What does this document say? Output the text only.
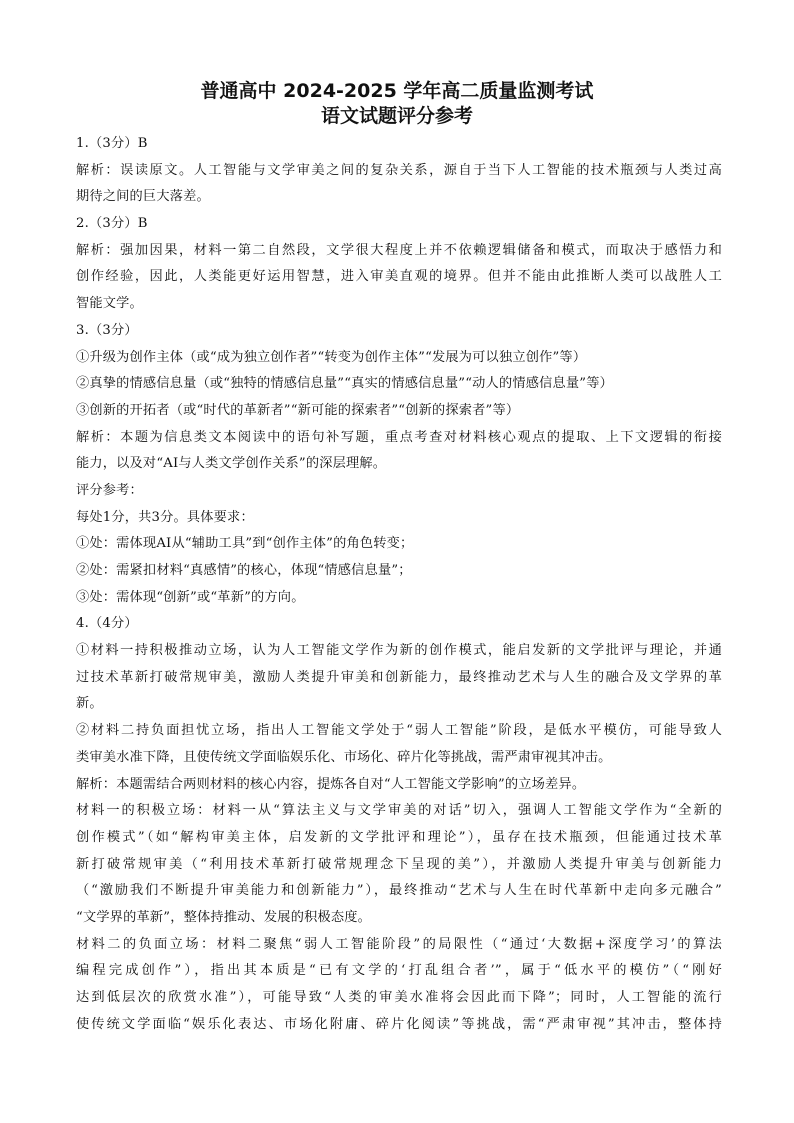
普通高中 2024-2025 学年高二质量监测考试
语文试题评分参考
1.（3分）B
解析：误读原文。人工智能与文学审美之间的复杂关系，源自于当下人工智能的技术瓶颈与人类过高
期待之间的巨大落差。
2.（3分）B
解析：强加因果，材料一第二自然段，文学很大程度上并不依赖逻辑储备和模式，而取决于感悟力和
创作经验，因此，人类能更好运用智慧，进入审美直观的境界。但并不能由此推断人类可以战胜人工
智能文学。
3.（3分）
①升级为创作主体（或“成为独立创作者”“转变为创作主体”“发展为可以独立创作”等）
②真挚的情感信息量（或“独特的情感信息量”“真实的情感信息量”“动人的情感信息量”等）
③创新的开拓者（或“时代的革新者”“新可能的探索者”“创新的探索者”等）
解析：本题为信息类文本阅读中的语句补写题，重点考查对材料核心观点的提取、上下文逻辑的衔接
能力，以及对“AI与人类文学创作关系”的深层理解。
评分参考：
每处1分，共3分。具体要求：
①处：需体现AI从“辅助工具”到“创作主体”的角色转变；
②处：需紧扣材料“真感情”的核心，体现“情感信息量”；
③处：需体现“创新”或“革新”的方向。
4.（4分）
①材料一持积极推动立场，认为人工智能文学作为新的创作模式，能启发新的文学批评与理论，并通
过技术革新打破常规审美，激励人类提升审美和创新能力，最终推动艺术与人生的融合及文学界的革
新。
②材料二持负面担忧立场，指出人工智能文学处于“弱人工智能”阶段，是低水平模仿，可能导致人
类审美水准下降，且使传统文学面临娱乐化、市场化、碎片化等挑战，需严肃审视其冲击。
解析：本题需结合两则材料的核心内容，提炼各自对“人工智能文学影响”的立场差异。
材料一的积极立场：材料一从“算法主义与文学审美的对话”切入，强调人工智能文学作为“全新的
创作模式”（如“解构审美主体，启发新的文学批评和理论”），虽存在技术瓶颈，但能通过技术革
新打破常规审美（“利用技术革新打破常规理念下呈现的美”），并激励人类提升审美与创新能力
（“激励我们不断提升审美能力和创新能力”），最终推动“艺术与人生在时代革新中走向多元融合”
“文学界的革新”，整体持推动、发展的积极态度。
材料二的负面立场：材料二聚焦“弱人工智能阶段”的局限性（“通过‘大数据+深度学习’的算法
编程完成创作”），指出其本质是“已有文学的‘打乱组合者’”，属于“低水平的模仿”（“刚好
达到低层次的欣赏水准”），可能导致“人类的审美水准将会因此而下降”；同时，人工智能的流行
使传统文学面临“娱乐化表达、市场化附庸、碎片化阅读”等挑战，需“严肃审视”其冲击，整体持
